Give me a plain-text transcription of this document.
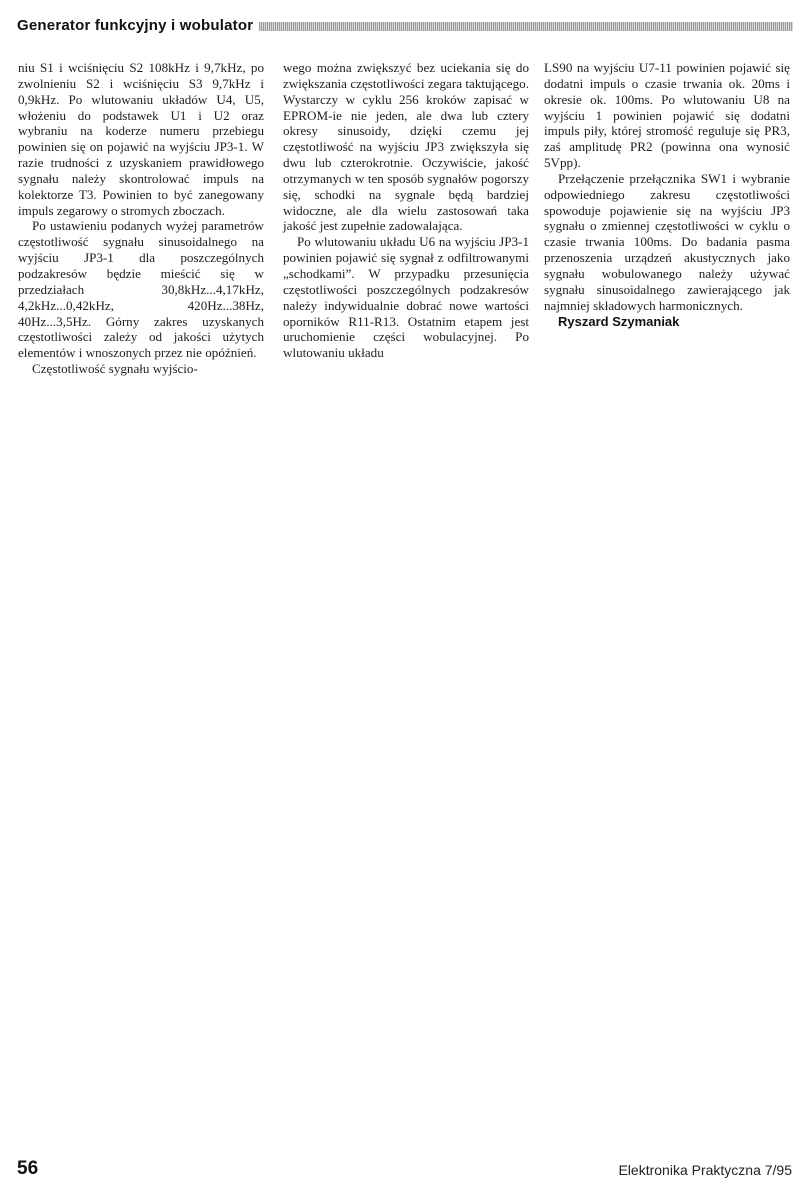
Generator funkcyjny i wobulator

niu S1 i wciśnięciu S2 108kHz i 9,7kHz, po zwolnieniu S2 i wciśnięciu S3 9,7kHz i 0,9kHz. Po wlutowaniu układów U4, U5, włożeniu do podstawek U1 i U2 oraz wybraniu na koderze numeru przebiegu powinien się on pojawić na wyjściu JP3-1. W razie trudności z uzyskaniem prawidłowego sygnału należy skontrolować impuls na kolektorze T3. Powinien to być zanegowany impuls zegarowy o stromych zboczach.

Po ustawieniu podanych wyżej parametrów częstotliwość sygnału sinusoidalnego na wyjściu JP3-1 dla poszczególnych podzakresów będzie mieścić się w przedziałach 30,8kHz...4,17kHz, 4,2kHz...0,42kHz, 420Hz...38Hz, 40Hz...3,5Hz. Górny zakres uzyskanych częstotliwości zależy od jakości użytych elementów i wnoszonych przez nie opóźnień.

Częstotliwość sygnału wyjścio-

wego można zwiększyć bez uciekania się do zwiększania częstotliwości zegara taktującego. Wystarczy w cyklu 256 kroków zapisać w EPROM-ie nie jeden, ale dwa lub cztery okresy sinusoidy, dzięki czemu jej częstotliwość na wyjściu JP3 zwiększyła się dwu lub czterokrotnie. Oczywiście, jakość otrzymanych w ten sposób sygnałów pogorszy się, schodki na sygnale będą bardziej widoczne, ale dla wielu zastosowań taka jakość jest zupełnie zadowalająca.

Po wlutowaniu układu U6 na wyjściu JP3-1 powinien pojawić się sygnał z odfiltrowanymi „schodkami”. W przypadku przesunięcia częstotliwości poszczególnych podzakresów należy indywidualnie dobrać nowe wartości oporników R11-R13. Ostatnim etapem jest uruchomienie części wobulacyjnej. Po wlutowaniu układu

LS90 na wyjściu U7-11 powinien pojawić się dodatni impuls o czasie trwania ok. 20ms i okresie ok. 100ms. Po wlutowaniu U8 na wyjściu 1 powinien pojawić się dodatni impuls piły, której stromość reguluje się PR3, zaś amplitudę PR2 (powinna ona wynosić 5Vpp).

Przełączenie przełącznika SW1 i wybranie odpowiedniego zakresu częstotliwości spowoduje pojawienie się na wyjściu JP3 sygnału o zmiennej częstotliwości w cyklu o czasie trwania 100ms. Do badania pasma przenoszenia urządzeń akustycznych jako sygnału wobulowanego należy używać sygnału sinusoidalnego zawierającego jak najmniej składowych harmonicznych.

Ryszard Szymaniak

56	Elektronika Praktyczna 7/95
